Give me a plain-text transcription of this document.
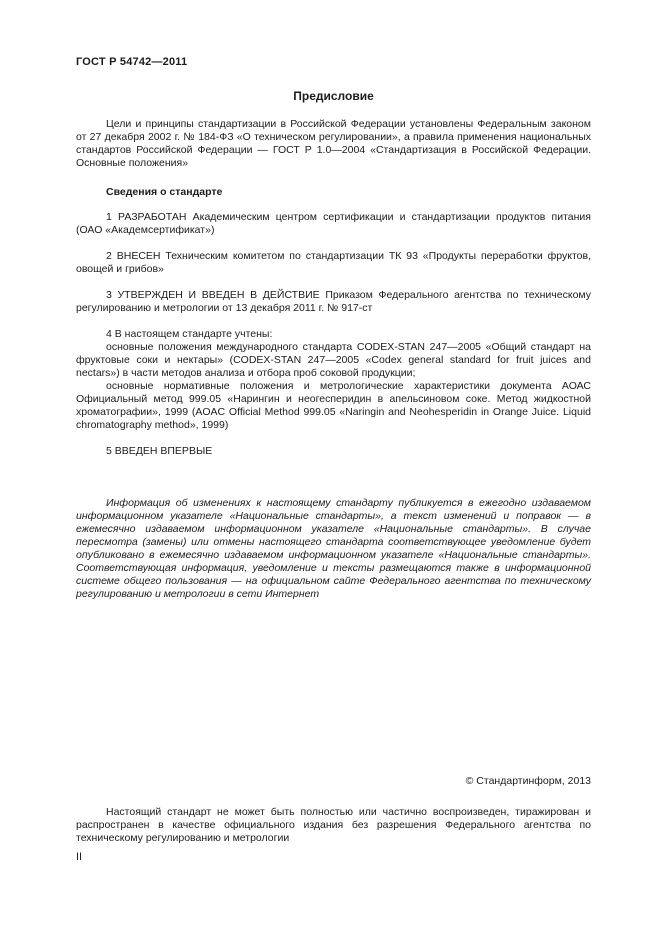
ГОСТ Р 54742—2011
Предисловие

Цели и принципы стандартизации в Российской Федерации установлены Федеральным законом от 27 декабря 2002 г. № 184-ФЗ «О техническом регулировании», а правила применения национальных стандартов Российской Федерации — ГОСТ Р 1.0—2004 «Стандартизация в Российской Федерации. Основные положения»

Сведения о стандарте

1 РАЗРАБОТАН Академическим центром сертификации и стандартизации продуктов питания (ОАО «Академсертификат»)

2 ВНЕСЕН Техническим комитетом по стандартизации ТК 93 «Продукты переработки фруктов, овощей и грибов»

3 УТВЕРЖДЕН И ВВЕДЕН В ДЕЙСТВИЕ Приказом Федерального агентства по техническому регулированию и метрологии от 13 декабря 2011 г. № 917-ст

4 В настоящем стандарте учтены:

основные положения международного стандарта CODEX-STAN 247—2005 «Общий стандарт на фруктовые соки и нектары» (CODEX-STAN 247—2005 «Codex general standard for fruit juices and nectars») в части методов анализа и отбора проб соковой продукции;

основные нормативные положения и метрологические характеристики документа АОАС Официальный метод 999.05 «Нарингин и неогесперидин в апельсиновом соке. Метод жидкостной хроматографии», 1999 (AOAC Official Method 999.05 «Naringin and Neohesperidin in Orange Juice. Liquid chromatography method», 1999)

5 ВВЕДЕН ВПЕРВЫЕ

Информация об изменениях к настоящему стандарту публикуется в ежегодно издаваемом информационном указателе «Национальные стандарты», а текст изменений и поправок — в ежемесячно издаваемом информационном указателе «Национальные стандарты». В случае пересмотра (замены) или отмены настоящего стандарта соответствующее уведомление будет опубликовано в ежемесячно издаваемом информационном указателе «Национальные стандарты». Соответствующая информация, уведомление и тексты размещаются также в информационной системе общего пользования — на официальном сайте Федерального агентства по техническому регулированию и метрологии в сети Интернет

© Стандартинформ, 2013

Настоящий стандарт не может быть полностью или частично воспроизведен, тиражирован и распространен в качестве официального издания без разрешения Федерального агентства по техническому регулированию и метрологии

II
